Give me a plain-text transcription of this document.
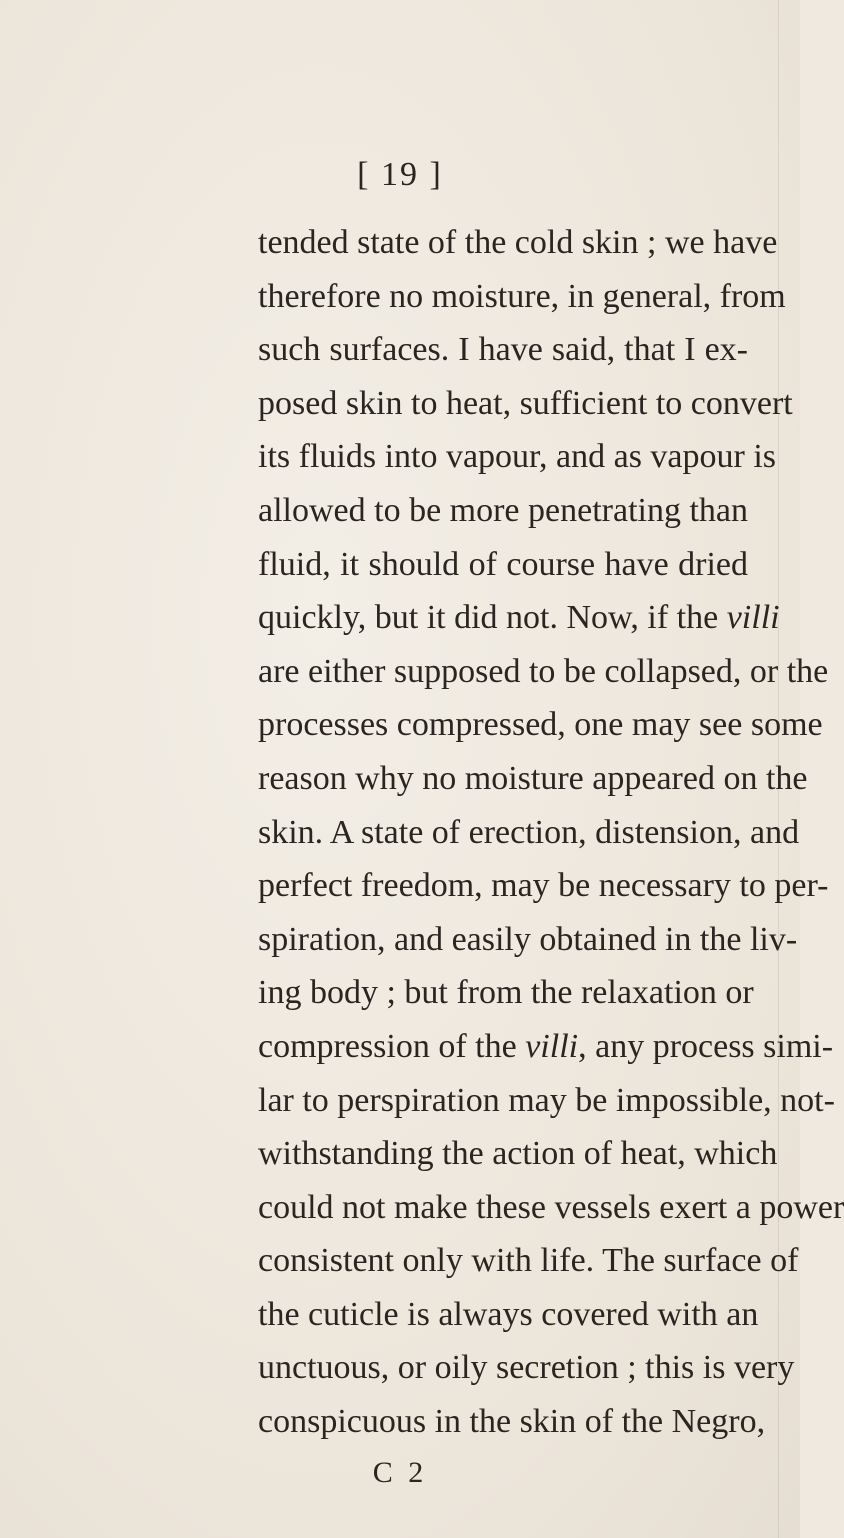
[ 19 ]
tended state of the cold skin ; we have
therefore no moisture, in general, from
such surfaces. I have said, that I ex-
posed skin to heat, sufficient to convert
its fluids into vapour, and as vapour is
allowed to be more penetrating than
fluid, it should of course have dried
quickly, but it did not. Now, if the villi
are either supposed to be collapsed, or the
processes compressed, one may see some
reason why no moisture appeared on the
skin. A state of erection, distension, and
perfect freedom, may be necessary to per-
spiration, and easily obtained in the liv-
ing body ; but from the relaxation or
compression of the villi, any process simi-
lar to perspiration may be impossible, not-
withstanding the action of heat, which
could not make these vessels exert a power
consistent only with life. The surface of
the cuticle is always covered with an
unctuous, or oily secretion ; this is very
conspicuous in the skin of the Negro,
C 2
